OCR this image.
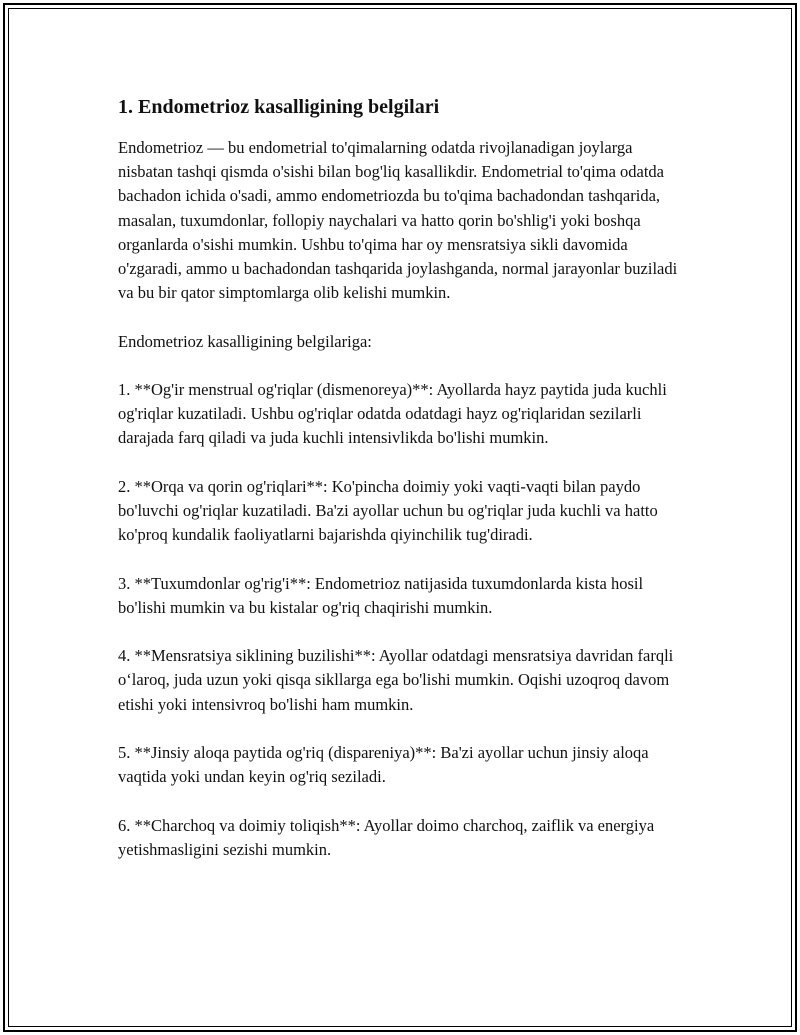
1. Endometrioz kasalligining belgilari

Endometrioz — bu endometrial to'qimalarning odatda rivojlanadigan joylarga nisbatan tashqi qismda o'sishi bilan bog'liq kasallikdir. Endometrial to'qima odatda bachadon ichida o'sadi, ammo endometriozda bu to'qima bachadondan tashqarida, masalan, tuxumdonlar, follopiy naychalari va hatto qorin bo'shlig'i yoki boshqa organlarda o'sishi mumkin. Ushbu to'qima har oy mensratsiya sikli davomida o'zgaradi, ammo u bachadondan tashqarida joylashganda, normal jarayonlar buziladi va bu bir qator simptomlarga olib kelishi mumkin.

Endometrioz kasalligining belgilariga:

1. **Og'ir menstrual og'riqlar (dismenoreya)**: Ayollarda hayz paytida juda kuchli og'riqlar kuzatiladi. Ushbu og'riqlar odatda odatdagi hayz og'riqlaridan sezilarli darajada farq qiladi va juda kuchli intensivlikda bo'lishi mumkin.

2. **Orqa va qorin og'riqlari**: Ko'pincha doimiy yoki vaqti-vaqti bilan paydo bo'luvchi og'riqlar kuzatiladi. Ba'zi ayollar uchun bu og'riqlar juda kuchli va hatto ko'proq kundalik faoliyatlarni bajarishda qiyinchilik tug'diradi.

3. **Tuxumdonlar og'rig'i**: Endometrioz natijasida tuxumdonlarda kista hosil bo'lishi mumkin va bu kistalar og'riq chaqirishi mumkin.

4. **Mensratsiya siklining buzilishi**: Ayollar odatdagi mensratsiya davridan farqli o‘laroq, juda uzun yoki qisqa sikllarga ega bo'lishi mumkin. Oqishi uzoqroq davom etishi yoki intensivroq bo'lishi ham mumkin.

5. **Jinsiy aloqa paytida og'riq (dispareniya)**: Ba'zi ayollar uchun jinsiy aloqa vaqtida yoki undan keyin og'riq seziladi.

6. **Charchoq va doimiy toliqish**: Ayollar doimo charchoq, zaiflik va energiya yetishmasligini sezishi mumkin.
